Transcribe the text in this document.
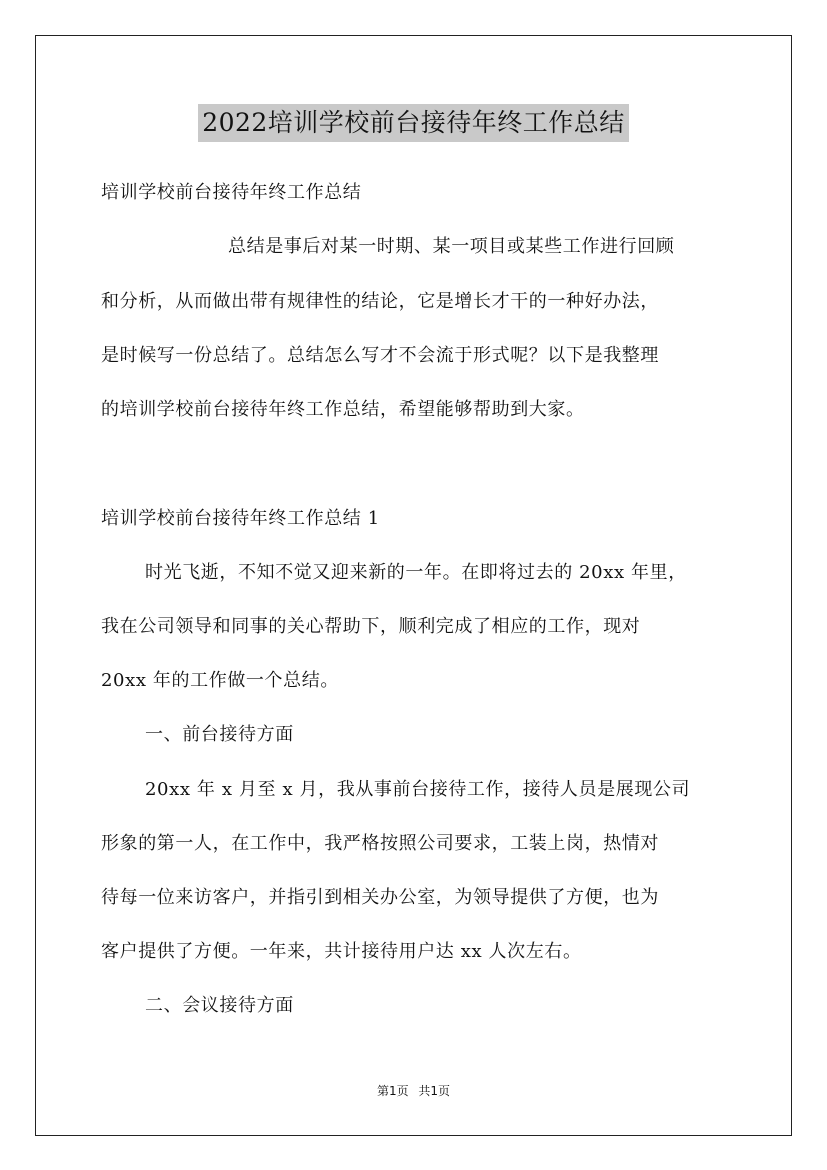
2022培训学校前台接待年终工作总结
培训学校前台接待年终工作总结
总结是事后对某一时期、某一项目或某些工作进行回顾
和分析，从而做出带有规律性的结论，它是增长才干的一种好办法，
是时候写一份总结了。总结怎么写才不会流于形式呢？以下是我整理
的培训学校前台接待年终工作总结，希望能够帮助到大家。
培训学校前台接待年终工作总结 1
时光飞逝，不知不觉又迎来新的一年。在即将过去的 20xx 年里，
我在公司领导和同事的关心帮助下，顺利完成了相应的工作，现对
20xx 年的工作做一个总结。
一、前台接待方面
20xx 年 x 月至 x 月，我从事前台接待工作，接待人员是展现公司
形象的第一人，在工作中，我严格按照公司要求，工装上岗，热情对
待每一位来访客户，并指引到相关办公室，为领导提供了方便，也为
客户提供了方便。一年来，共计接待用户达 xx 人次左右。
二、会议接待方面
第1页 共1页
